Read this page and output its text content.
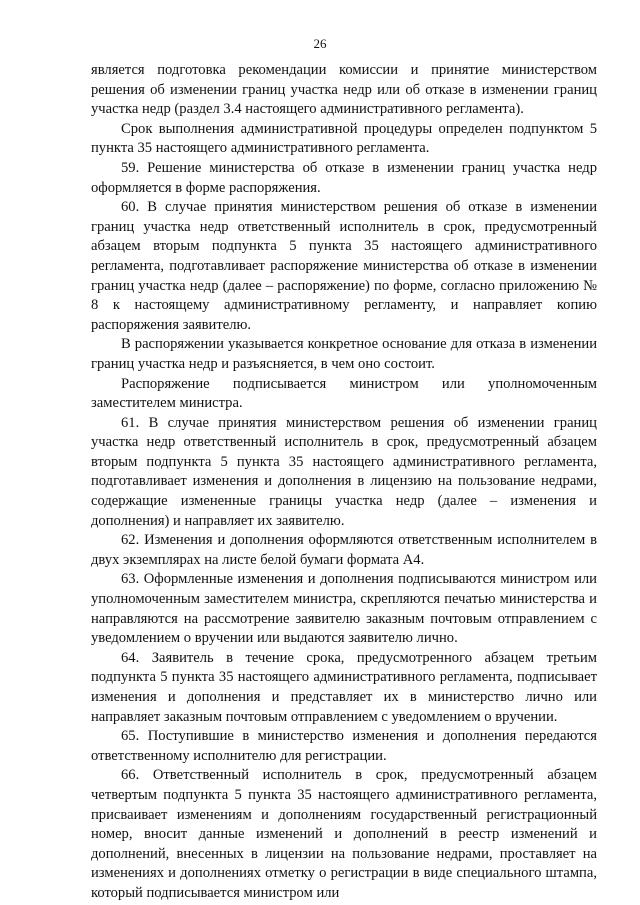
26

является подготовка рекомендации комиссии и принятие министерством решения об изменении границ участка недр или об отказе в изменении границ участка недр (раздел 3.4 настоящего административного регламента).

Срок выполнения административной процедуры определен подпунктом 5 пункта 35 настоящего административного регламента.

59. Решение министерства об отказе в изменении границ участка недр оформляется в форме распоряжения.

60. В случае принятия министерством решения об отказе в изменении границ участка недр ответственный исполнитель в срок, предусмотренный абзацем вторым подпункта 5 пункта 35 настоящего административного регламента, подготавливает распоряжение министерства об отказе в изменении границ участка недр (далее – распоряжение) по форме, согласно приложению № 8 к настоящему административному регламенту, и направляет копию распоряжения заявителю.

В распоряжении указывается конкретное основание для отказа в изменении границ участка недр и разъясняется, в чем оно состоит.

Распоряжение подписывается министром или уполномоченным заместителем министра.

61. В случае принятия министерством решения об изменении границ участка недр ответственный исполнитель в срок, предусмотренный абзацем вторым подпункта 5 пункта 35 настоящего административного регламента, подготавливает изменения и дополнения в лицензию на пользование недрами, содержащие измененные границы участка недр (далее – изменения и дополнения) и направляет их заявителю.

62. Изменения и дополнения оформляются ответственным исполнителем в двух экземплярах на листе белой бумаги формата А4.

63. Оформленные изменения и дополнения подписываются министром или уполномоченным заместителем министра, скрепляются печатью министерства и направляются на рассмотрение заявителю заказным почтовым отправлением с уведомлением о вручении или выдаются заявителю лично.

64. Заявитель в течение срока, предусмотренного абзацем третьим подпункта 5 пункта 35 настоящего административного регламента, подписывает изменения и дополнения и представляет их в министерство лично или направляет заказным почтовым отправлением с уведомлением о вручении.

65. Поступившие в министерство изменения и дополнения передаются ответственному исполнителю для регистрации.

66. Ответственный исполнитель в срок, предусмотренный абзацем четвертым подпункта 5 пункта 35 настоящего административного регламента, присваивает изменениям и дополнениям государственный регистрационный номер, вносит данные изменений и дополнений в реестр изменений и дополнений, внесенных в лицензии на пользование недрами, проставляет на изменениях и дополнениях отметку о регистрации в виде специального штампа, который подписывается министром или
